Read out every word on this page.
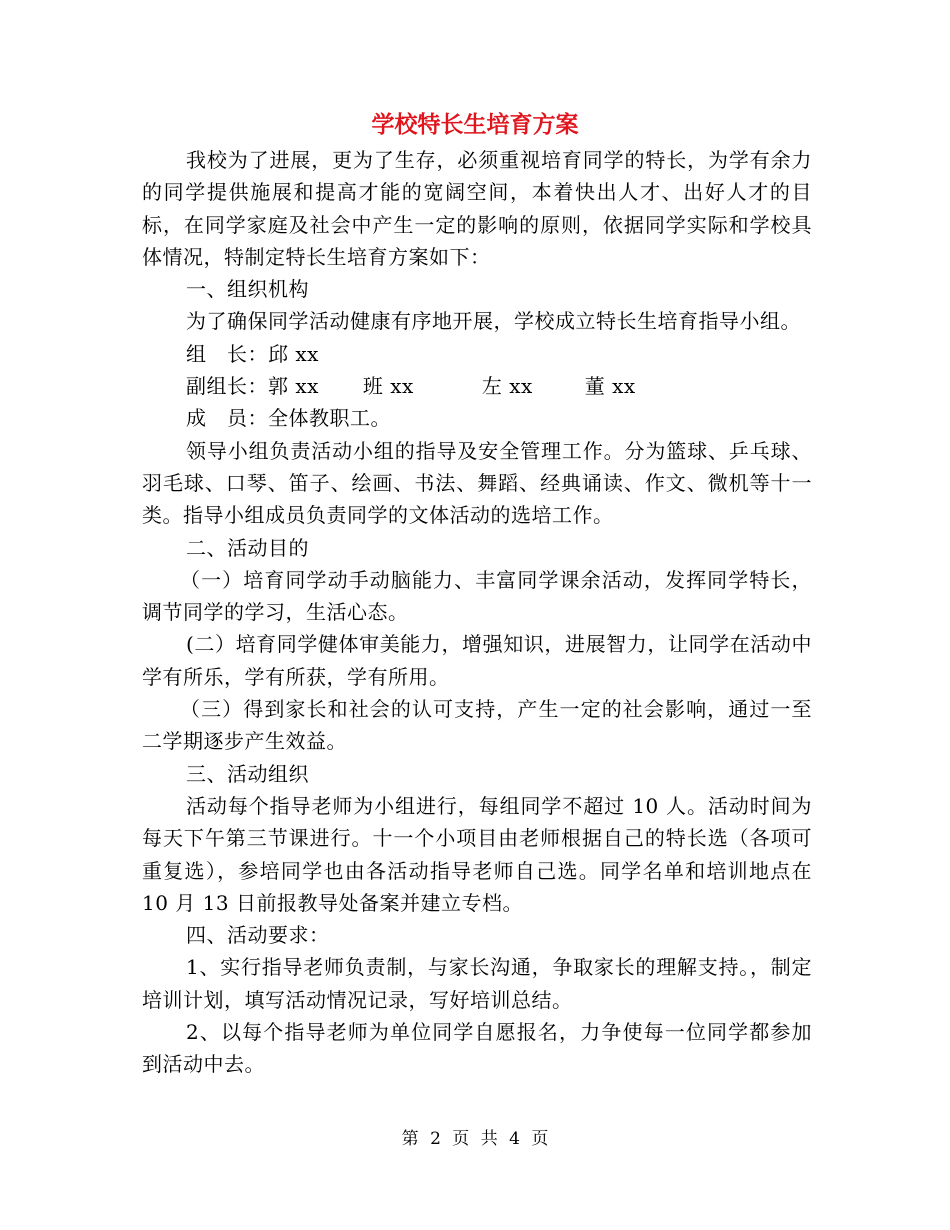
学校特长生培育方案

我校为了进展，更为了生存，必须重视培育同学的特长，为学有余力的同学提供施展和提高才能的宽阔空间，本着快出人才、出好人才的目标，在同学家庭及社会中产生一定的影响的原则，依据同学实际和学校具体情况，特制定特长生培育方案如下：

一、组织机构

为了确保同学活动健康有序地开展，学校成立特长生培育指导小组。

组　长：邱 xx

副组长：郭 xx 班 xx	左 xx	董 xx

成　员：全体教职工。

领导小组负责活动小组的指导及安全管理工作。分为篮球、乒乓球、羽毛球、口琴、笛子、绘画、书法、舞蹈、经典诵读、作文、微机等十一类。指导小组成员负责同学的文体活动的选培工作。

二、活动目的

（一）培育同学动手动脑能力、丰富同学课余活动，发挥同学特长，调节同学的学习，生活心态。

(二）培育同学健体审美能力，增强知识，进展智力，让同学在活动中学有所乐，学有所获，学有所用。

（三）得到家长和社会的认可支持，产生一定的社会影响，通过一至二学期逐步产生效益。

三、活动组织

活动每个指导老师为小组进行，每组同学不超过 10 人。活动时间为每天下午第三节课进行。十一个小项目由老师根据自己的特长选（各项可重复选），参培同学也由各活动指导老师自己选。同学名单和培训地点在 10 月 13 日前报教导处备案并建立专档。

四、活动要求：

1、实行指导老师负责制，与家长沟通，争取家长的理解支持。，制定培训计划，填写活动情况记录，写好培训总结。

2、以每个指导老师为单位同学自愿报名，力争使每一位同学都参加到活动中去。

第 2 页 共 4 页
